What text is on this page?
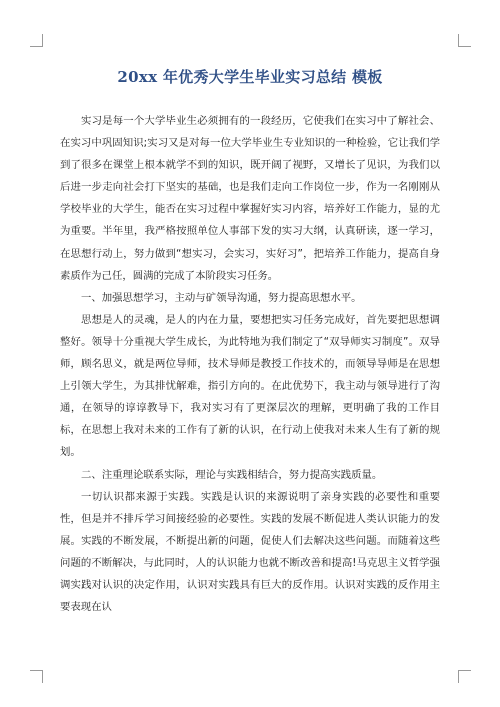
20xx 年优秀大学生毕业实习总结 模板

实习是每一个大学毕业生必须拥有的一段经历，它使我们在实习中了解社会、在实习中巩固知识;实习又是对每一位大学毕业生专业知识的一种检验，它让我们学到了很多在课堂上根本就学不到的知识，既开阔了视野，又增长了见识，为我们以后进一步走向社会打下坚实的基础，也是我们走向工作岗位一步，作为一名刚刚从学校毕业的大学生，能否在实习过程中掌握好实习内容，培养好工作能力，显的尤为重要。半年里，我严格按照单位人事部下发的实习大纲，认真研读，逐一学习，在思想行动上，努力做到“想实习，会实习，实好习”，把培养工作能力，提高自身素质作为己任，圆满的完成了本阶段实习任务。

一、加强思想学习，主动与矿领导沟通，努力提高思想水平。

思想是人的灵魂，是人的内在力量，要想把实习任务完成好，首先要把思想调整好。领导十分重视大学生成长，为此特地为我们制定了“双导师实习制度”。双导师，顾名思义，就是两位导师，技术导师是教授工作技术的，而领导导师是在思想上引领大学生，为其排忧解难，指引方向的。在此优势下，我主动与领导进行了沟通，在领导的谆谆教导下，我对实习有了更深层次的理解，更明确了我的工作目标，在思想上我对未来的工作有了新的认识，在行动上使我对未来人生有了新的规划。

二、注重理论联系实际，理论与实践相结合，努力提高实践质量。

一切认识都来源于实践。实践是认识的来源说明了亲身实践的必要性和重要性，但是并不排斥学习间接经验的必要性。实践的发展不断促进人类认识能力的发展。实践的不断发展，不断提出新的问题，促使人们去解决这些问题。而随着这些问题的不断解决，与此同时，人的认识能力也就不断改善和提高!马克思主义哲学强调实践对认识的决定作用，认识对实践具有巨大的反作用。认识对实践的反作用主要表现在认
